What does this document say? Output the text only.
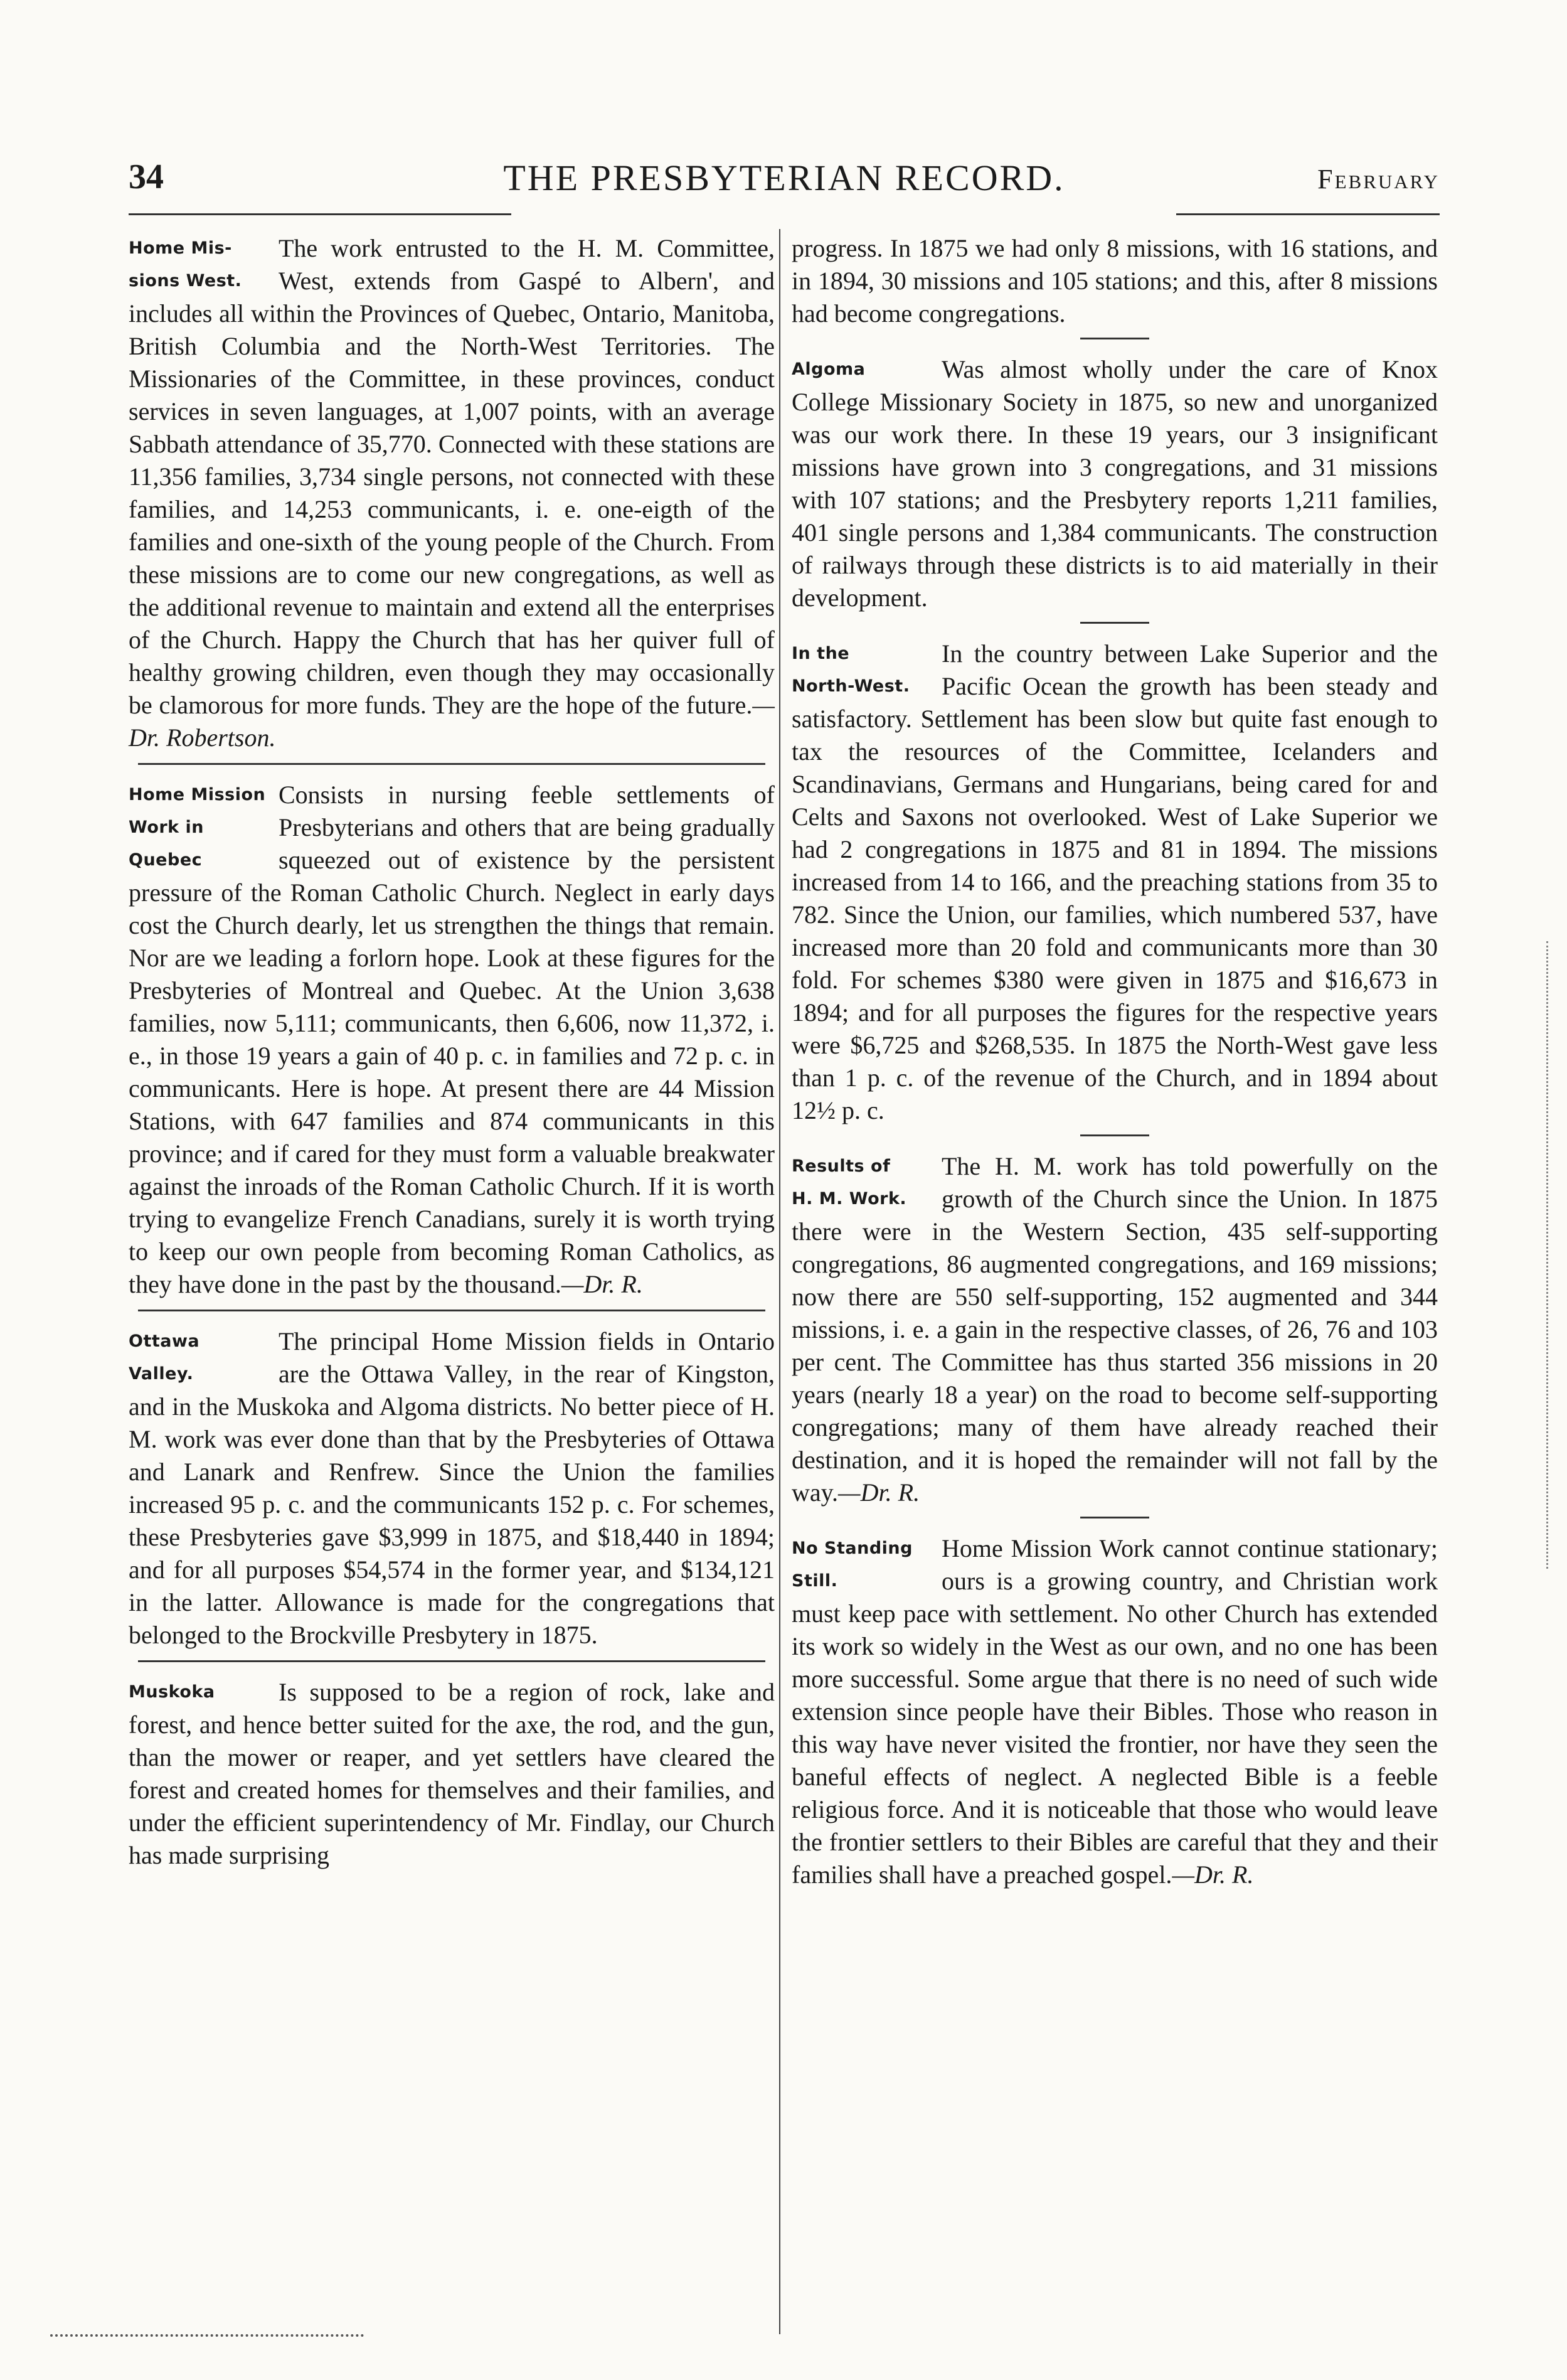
34	THE PRESBYTERIAN RECORD.	February

Home Mis-
sions West.
The work entrusted to the H. M. Committee, West, extends from Gaspé to Albern', and includes all within the Provinces of Quebec, Ontario, Manitoba, British Columbia and the North-West Territories. The Missionaries of the Committee, in these provinces, conduct services in seven languages, at 1,007 points, with an average Sabbath attendance of 35,770. Connected with these stations are 11,356 families, 3,734 single persons, not connected with these families, and 14,253 communicants, i. e. one-eigth of the families and one-sixth of the young people of the Church. From these missions are to come our new congregations, as well as the additional revenue to maintain and extend all the enterprises of the Church. Happy the Church that has her quiver full of healthy growing children, even though they may occasionally be clamorous for more funds. They are the hope of the future.—Dr. Robertson.

Home Mission
Work in Quebec
Consists in nursing feeble settlements of Presbyterians and others that are being gradually squeezed out of existence by the persistent pressure of the Roman Catholic Church. Neglect in early days cost the Church dearly, let us strengthen the things that remain. Nor are we leading a forlorn hope. Look at these figures for the Presbyteries of Montreal and Quebec. At the Union 3,638 families, now 5,111; communicants, then 6,606, now 11,372, i. e., in those 19 years a gain of 40 p. c. in families and 72 p. c. in communicants. Here is hope. At present there are 44 Mission Stations, with 647 families and 874 communicants in this province; and if cared for they must form a valuable breakwater against the inroads of the Roman Catholic Church. If it is worth trying to evangelize French Canadians, surely it is worth trying to keep our own people from becoming Roman Catholics, as they have done in the past by the thousand.—Dr. R.

Ottawa
Valley.
The principal Home Mission fields in Ontario are the Ottawa Valley, in the rear of Kingston, and in the Muskoka and Algoma districts. No better piece of H. M. work was ever done than that by the Presbyteries of Ottawa and Lanark and Renfrew. Since the Union the families increased 95 p. c. and the communicants 152 p. c. For schemes, these Presbyteries gave $3,999 in 1875, and $18,440 in 1894; and for all purposes $54,574 in the former year, and $134,121 in the latter. Allowance is made for the congregations that belonged to the Brockville Presbytery in 1875.

Muskoka	Is supposed to be a region of rock, lake and forest, and hence better suited for the axe, the rod, and the gun, than the mower or reaper, and yet settlers have cleared the forest and created homes for themselves and their families, and under the efficient superintendency of Mr. Findlay, our Church has made surprising

progress. In 1875 we had only 8 missions, with 16 stations, and in 1894, 30 missions and 105 stations; and this, after 8 missions had become congregations.

Algoma	Was almost wholly under the care of Knox College Missionary Society in 1875, so new and unorganized was our work there. In these 19 years, our 3 insignificant missions have grown into 3 congregations, and 31 missions with 107 stations; and the Presbytery reports 1,211 families, 401 single persons and 1,384 communicants. The construction of railways through these districts is to aid materially in their development.

In the
North-West.
In the country between Lake Superior and the Pacific Ocean the growth has been steady and satisfactory. Settlement has been slow but quite fast enough to tax the resources of the Committee, Icelanders and Scandinavians, Germans and Hungarians, being cared for and Celts and Saxons not overlooked. West of Lake Superior we had 2 congregations in 1875 and 81 in 1894. The missions increased from 14 to 166, and the preaching stations from 35 to 782. Since the Union, our families, which numbered 537, have increased more than 20 fold and communicants more than 30 fold. For schemes $380 were given in 1875 and $16,673 in 1894; and for all purposes the figures for the respective years were $6,725 and $268,535. In 1875 the North-West gave less than 1 p. c. of the revenue of the Church, and in 1894 about 12½ p. c.

Results of
H. M. Work.
The H. M. work has told powerfully on the growth of the Church since the Union. In 1875 there were in the Western Section, 435 self-supporting congregations, 86 augmented congregations, and 169 missions; now there are 550 self-supporting, 152 augmented and 344 missions, i. e. a gain in the respective classes, of 26, 76 and 103 per cent. The Committee has thus started 356 missions in 20 years (nearly 18 a year) on the road to become self-supporting congregations; many of them have already reached their destination, and it is hoped the remainder will not fall by the way.—Dr. R.

No Standing
Still.
Home Mission Work cannot continue stationary; ours is a growing country, and Christian work must keep pace with settlement. No other Church has extended its work so widely in the West as our own, and no one has been more successful. Some argue that there is no need of such wide extension since people have their Bibles. Those who reason in this way have never visited the frontier, nor have they seen the baneful effects of neglect. A neglected Bible is a feeble religious force. And it is noticeable that those who would leave the frontier settlers to their Bibles are careful that they and their families shall have a preached gospel.—Dr. R.
